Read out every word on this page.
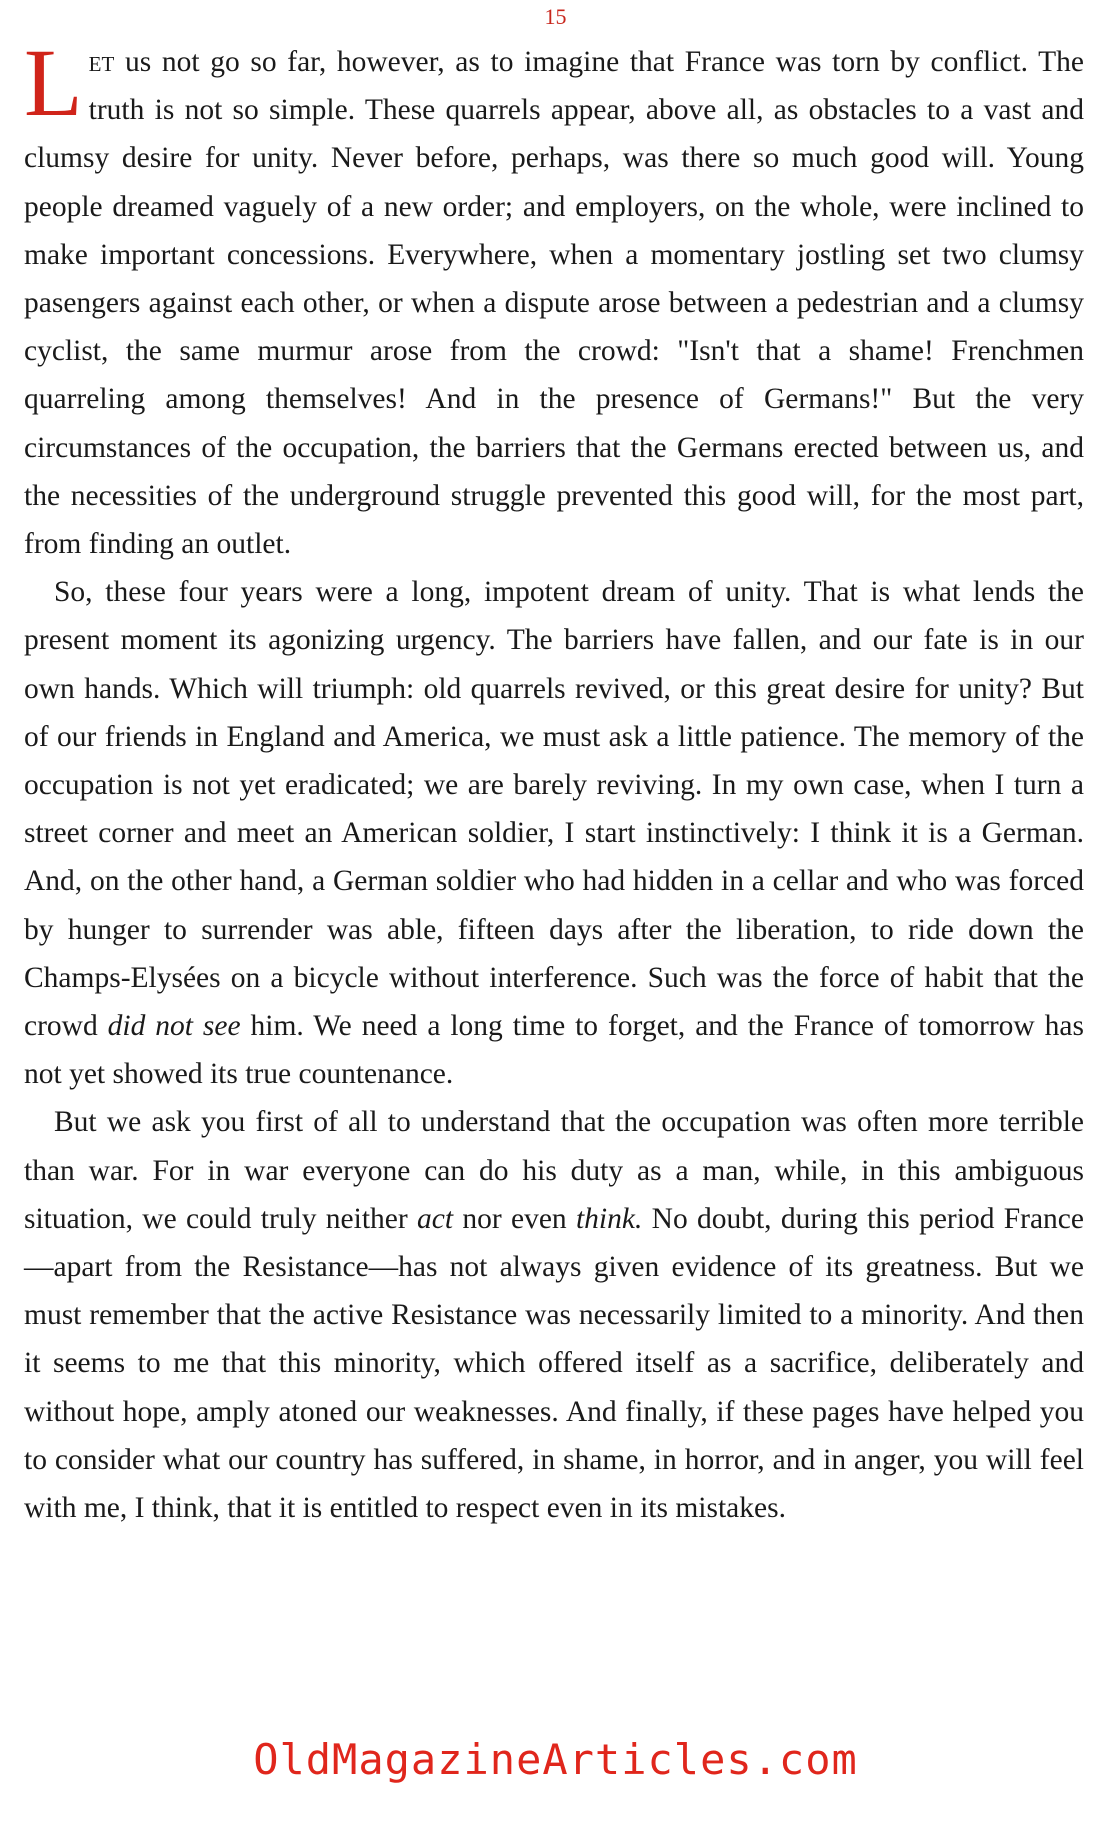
15

Let us not go so far, however, as to imagine that France was torn by conflict. The truth is not so simple. These quarrels appear, above all, as obstacles to a vast and clumsy desire for unity. Never before, perhaps, was there so much good will. Young people dreamed vaguely of a new order; and employers, on the whole, were inclined to make important concessions. Everywhere, when a momentary jostling set two clumsy pasengers against each other, or when a dispute arose between a pedestrian and a clumsy cyclist, the same murmur arose from the crowd: "Isn't that a shame! Frenchmen quarreling among themselves! And in the presence of Germans!" But the very circumstances of the occupation, the barriers that the Germans erected between us, and the necessities of the underground struggle prevented this good will, for the most part, from finding an outlet.

So, these four years were a long, impotent dream of unity. That is what lends the present moment its agonizing urgency. The barriers have fallen, and our fate is in our own hands. Which will triumph: old quarrels revived, or this great desire for unity? But of our friends in England and America, we must ask a little patience. The memory of the occupation is not yet eradicated; we are barely reviving. In my own case, when I turn a street corner and meet an American soldier, I start instinctively: I think it is a German. And, on the other hand, a German soldier who had hidden in a cellar and who was forced by hunger to surrender was able, fifteen days after the liberation, to ride down the Champs-Elysées on a bicycle without interference. Such was the force of habit that the crowd did not see him. We need a long time to forget, and the France of tomorrow has not yet showed its true countenance.

But we ask you first of all to understand that the occupation was often more terrible than war. For in war everyone can do his duty as a man, while, in this ambiguous situation, we could truly neither act nor even think. No doubt, during this period France—apart from the Resistance—has not always given evidence of its greatness. But we must remember that the active Resistance was necessarily limited to a minority. And then it seems to me that this minority, which offered itself as a sacrifice, deliberately and without hope, amply atoned our weaknesses. And finally, if these pages have helped you to consider what our country has suffered, in shame, in horror, and in anger, you will feel with me, I think, that it is entitled to respect even in its mistakes.

OldMagazineArticles.com
